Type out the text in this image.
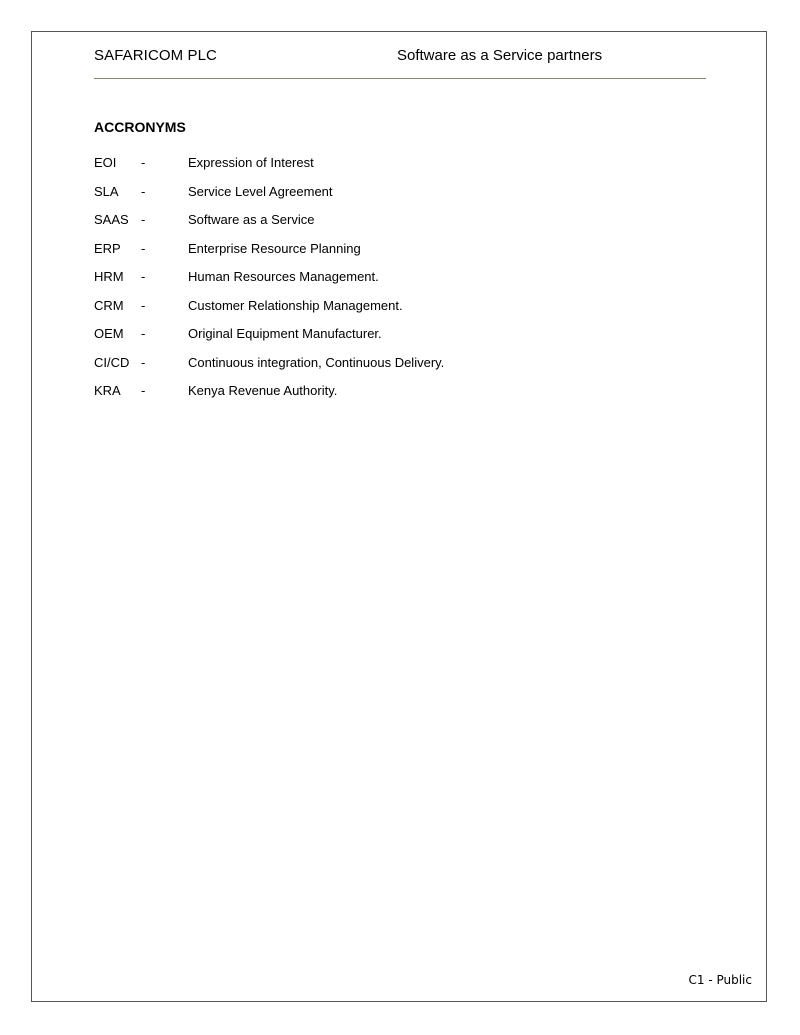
SAFARICOM PLC	Software as a Service partners
ACCRONYMS
EOI -	Expression of Interest
SLA -	Service Level Agreement
SAAS -	Software as a Service
ERP -	Enterprise Resource Planning
HRM -	Human Resources Management.
CRM -	Customer Relationship Management.
OEM -	Original Equipment Manufacturer.
CI/CD -	Continuous integration, Continuous Delivery.
KRA -	Kenya Revenue Authority.
C1 - Public
